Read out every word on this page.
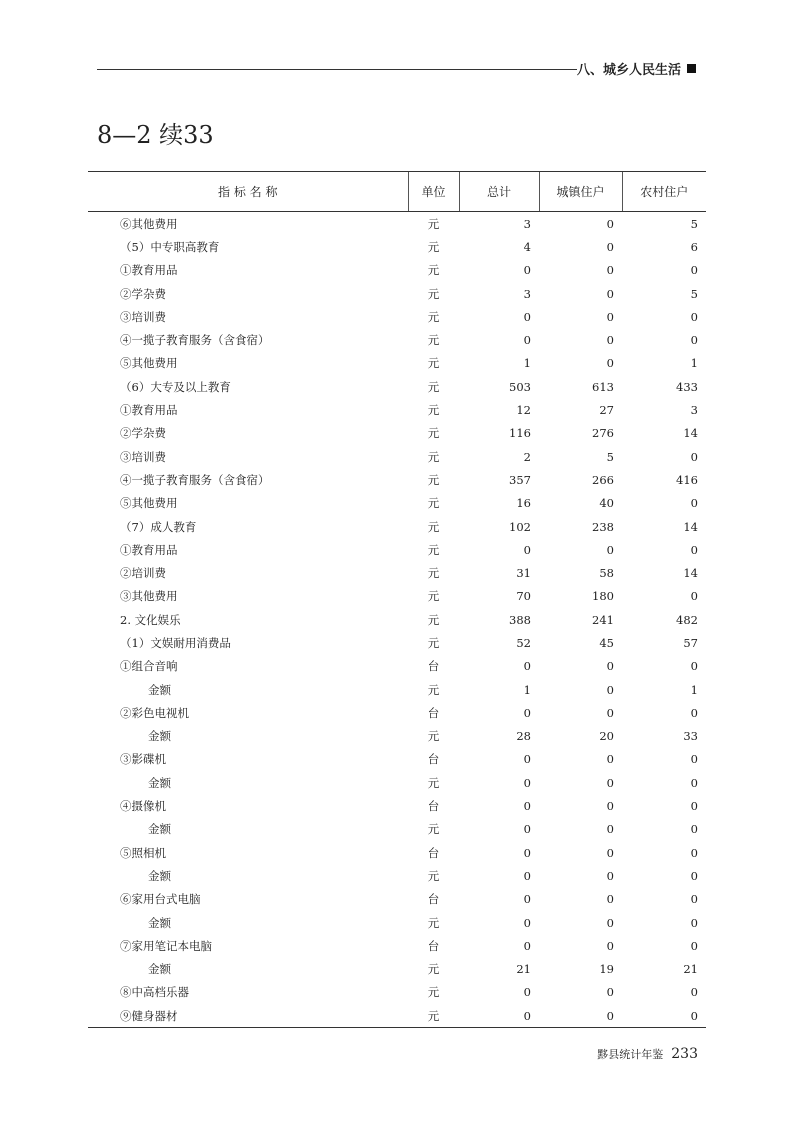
八、城乡人民生活
8—2 续33
指 标 名 称	单位	总计	城镇住户	农村住户
⑥其他费用	元	3	0	5
（5）中专职高教育	元	4	0	6
①教育用品	元	0	0	0
②学杂费	元	3	0	5
③培训费	元	0	0	0
④一揽子教育服务（含食宿）	元	0	0	0
⑤其他费用	元	1	0	1
（6）大专及以上教育	元	503	613	433
①教育用品	元	12	27	3
②学杂费	元	116	276	14
③培训费	元	2	5	0
④一揽子教育服务（含食宿）	元	357	266	416
⑤其他费用	元	16	40	0
（7）成人教育	元	102	238	14
①教育用品	元	0	0	0
②培训费	元	31	58	14
③其他费用	元	70	180	0
2. 文化娱乐	元	388	241	482
（1）文娱耐用消费品	元	52	45	57
①组合音响	台	0	0	0
金额	元	1	0	1
②彩色电视机	台	0	0	0
金额	元	28	20	33
③影碟机	台	0	0	0
金额	元	0	0	0
④摄像机	台	0	0	0
金额	元	0	0	0
⑤照相机	台	0	0	0
金额	元	0	0	0
⑥家用台式电脑	台	0	0	0
金额	元	0	0	0
⑦家用笔记本电脑	台	0	0	0
金额	元	21	19	21
⑧中高档乐器	元	0	0	0
⑨健身器材	元	0	0	0
黟县统计年鉴 233
